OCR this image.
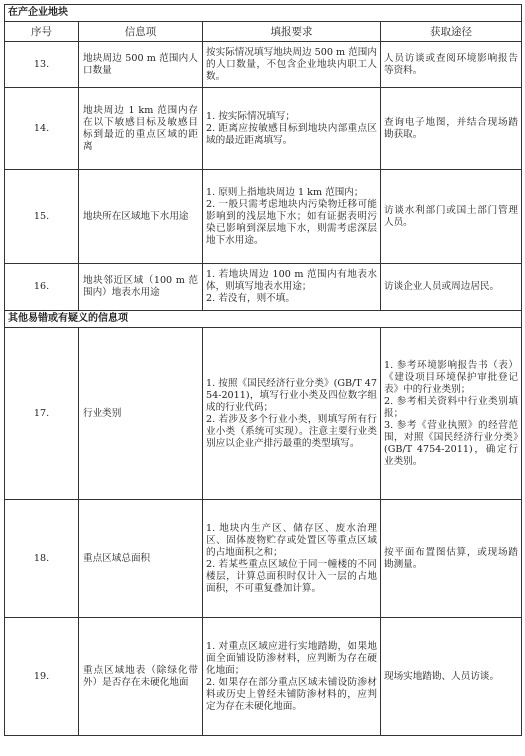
在产企业地块			
序号	信息项	填报要求	获取途径
13.	地块周边 500 m 范围内人口数量	按实际情况填写地块周边 500 m 范围内的人口数量，不包含企业地块内职工人数。	人员访谈或查阅环境影响报告等资料。

14.	地块周边 1 km 范围内存在以下敏感目标及敏感目标到最近的重点区域的距离	1. 按实际情况填写；
2. 距离应按敏感目标到地块内部重点区域的最近距离填写。	查询电子地图，并结合现场踏勘获取。

15.	地块所在区域地下水用途	1. 原则上指地块周边 1 km 范围内；
2. 一般只需考虑地块内污染物迁移可能影响到的浅层地下水；如有证据表明污染已影响到深层地下水，则需考虑深层地下水用途。	访谈水利部门或国土部门管理人员。

16.	地块邻近区域（100 m 范围内）地表水用途	1. 若地块周边 100 m 范围内有地表水体，则填写地表水用途；
2. 若没有，则不填。	访谈企业人员或周边居民。

其他易错或有疑义的信息项			
17.	行业类别	1. 按照《国民经济行业分类》(GB/T 4754-2011)，填写行业小类及四位数字组成的行业代码；
2. 若涉及多个行业小类，则填写所有行业小类（系统可实现）。注意主要行业类别应以企业产排污最重的类型填写。	1. 参考环境影响报告书（表）《建设项目环境保护审批登记表》中的行业类别；
2. 参考相关资料中行业类别填报；
3. 参考《营业执照》的经营范围，对照《国民经济行业分类》(GB/T 4754-2011)，确定行业类别。

18.	重点区域总面积	1. 地块内生产区、储存区、废水治理区、固体废物贮存或处置区等重点区域的占地面积之和；
2. 若某些重点区域位于同一幢楼的不同楼层，计算总面积时仅计入一层的占地面积，不可重复叠加计算。	按平面布置图估算，或现场踏勘测量。

19.	重点区域地表（除绿化带外）是否存在未硬化地面	1. 对重点区域应进行实地踏勘，如果地面全面铺设防渗材料，应判断为存在硬化地面；
2. 如果存在部分重点区域未铺设防渗材料或历史上曾经未铺防渗材料的，应判定为存在未硬化地面。	现场实地踏勘、人员访谈。
